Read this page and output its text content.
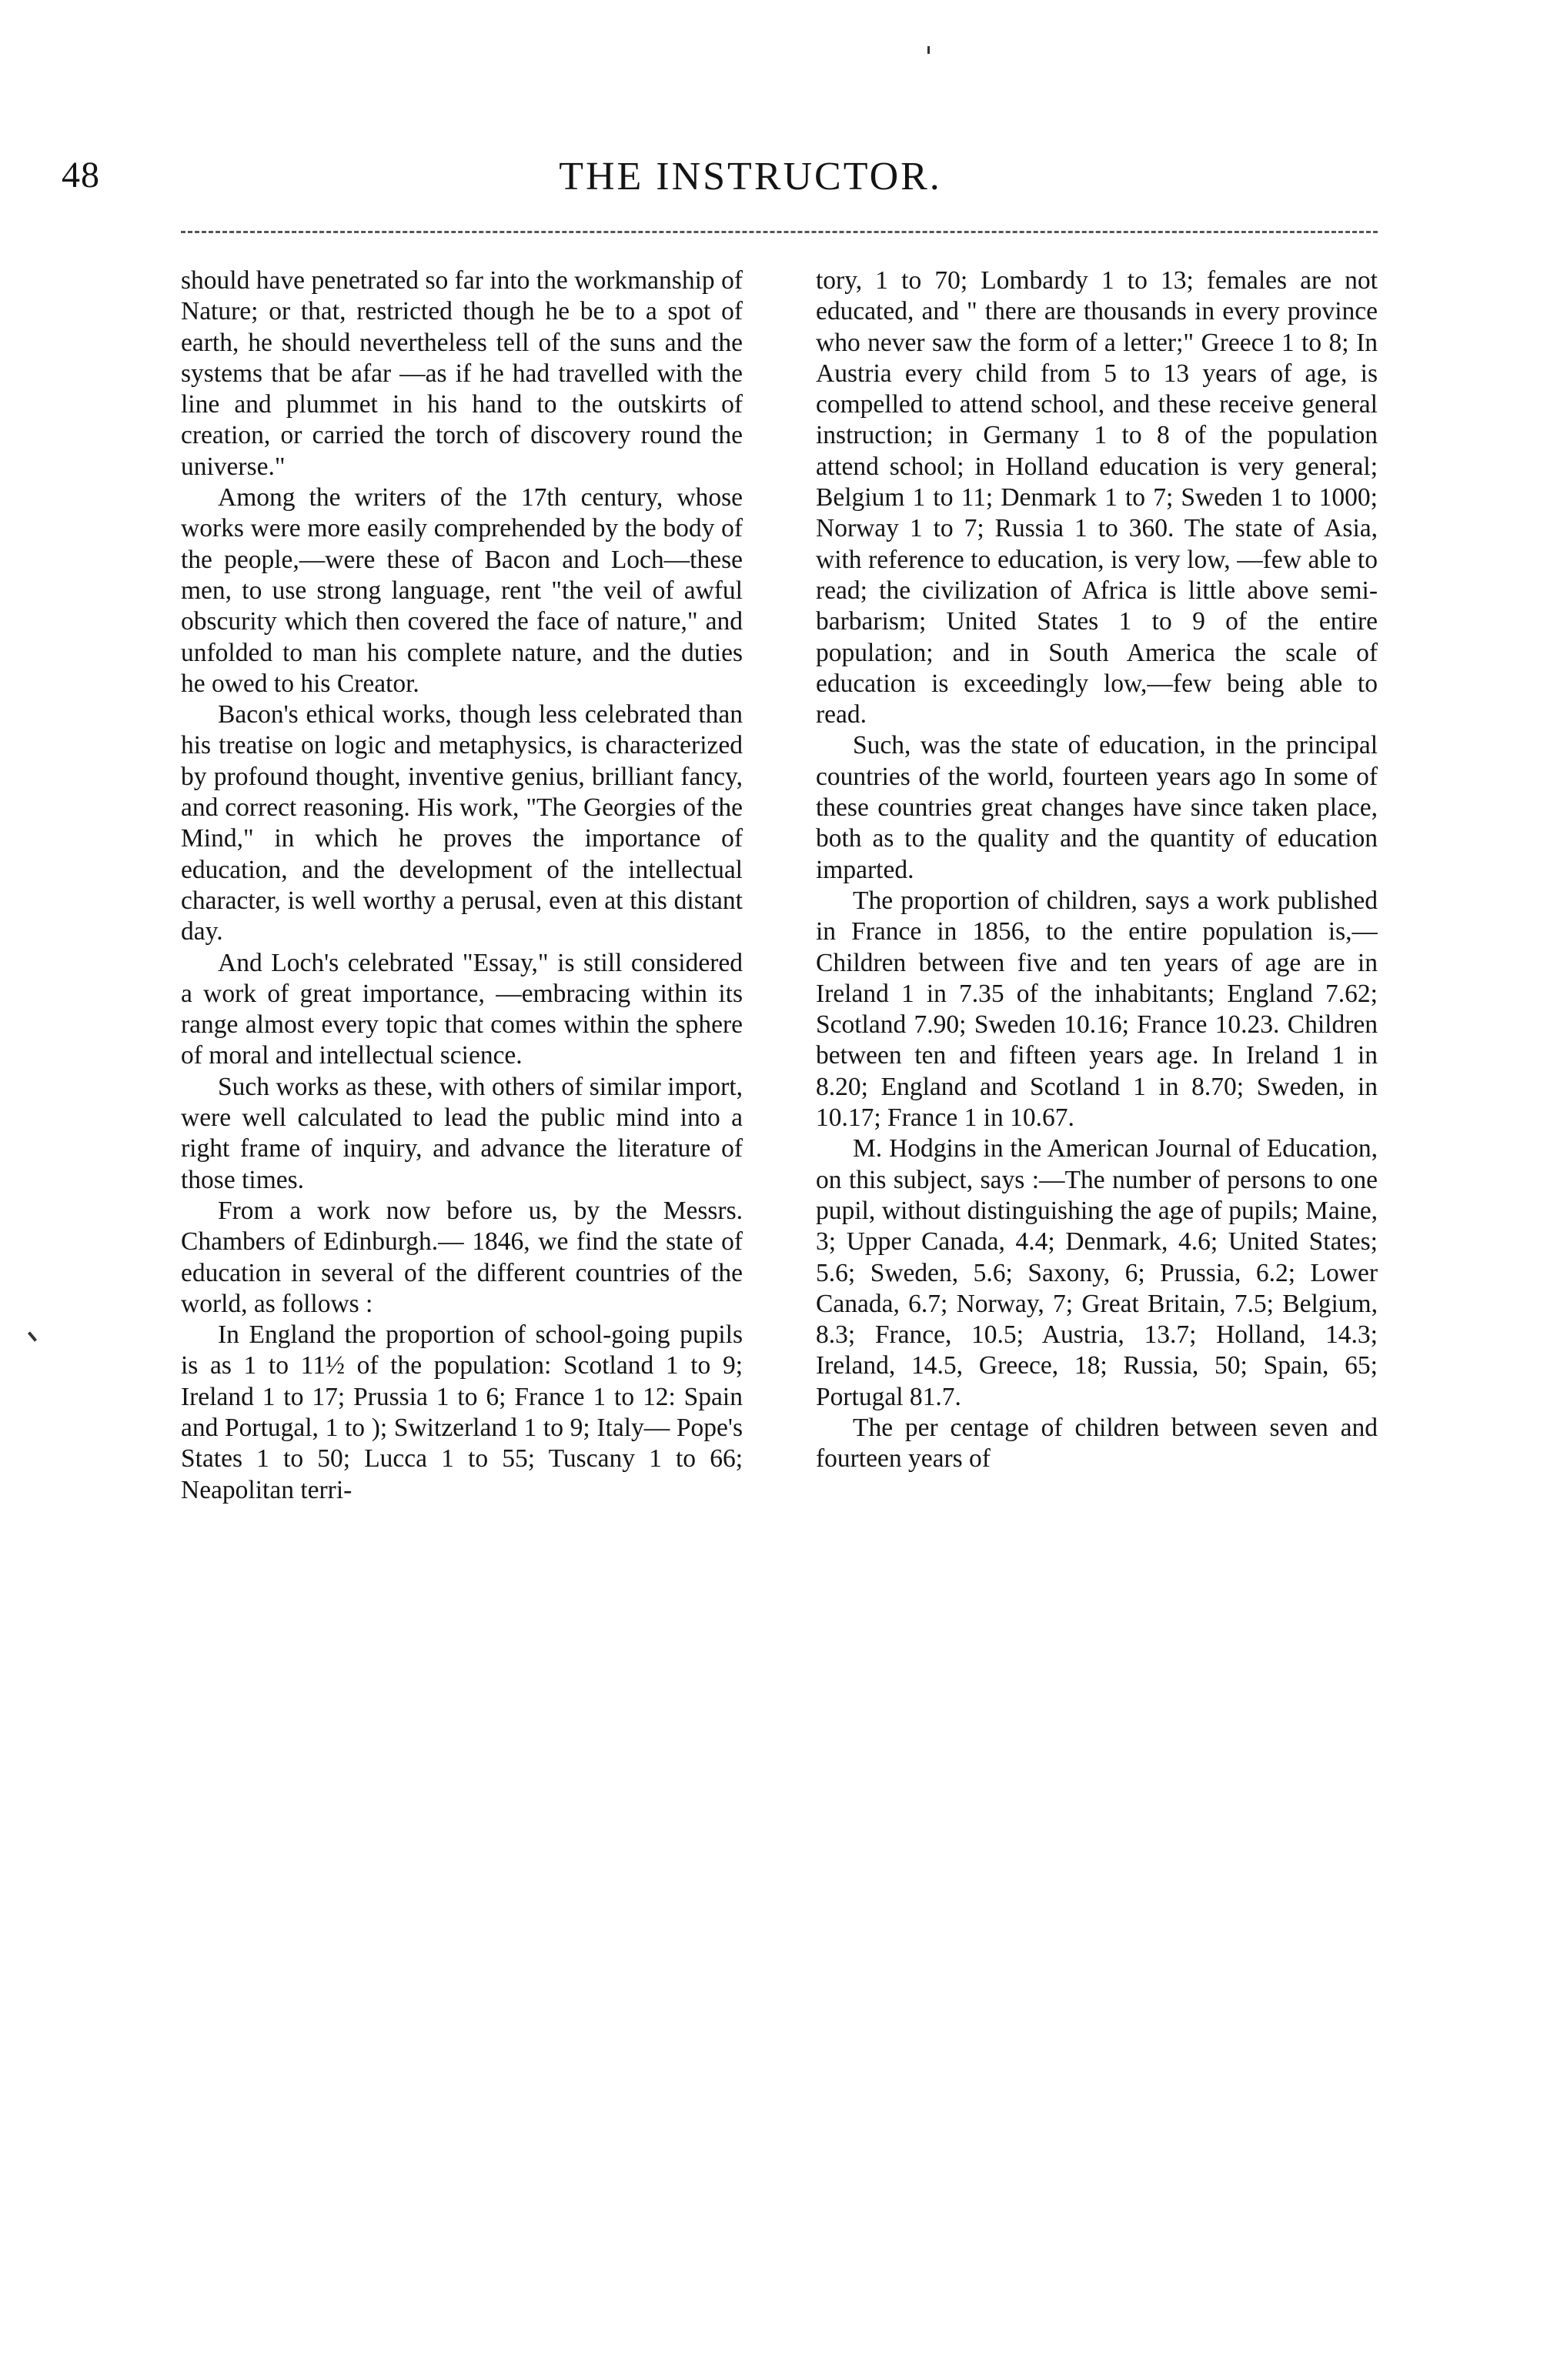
48	THE INSTRUCTOR.

should have penetrated so far into the workmanship of Nature; or that, restricted though he be to a spot of earth, he should nevertheless tell of the suns and the systems that be afar —as if he had travelled with the line and plummet in his hand to the outskirts of creation, or carried the torch of discovery round the universe."

Among the writers of the 17th century, whose works were more easily comprehended by the body of the people,—were these of Bacon and Loch—these men, to use strong language, rent "the veil of awful obscurity which then covered the face of nature," and unfolded to man his complete nature, and the duties he owed to his Creator.

Bacon's ethical works, though less celebrated than his treatise on logic and metaphysics, is characterized by profound thought, inventive genius, brilliant fancy, and correct reasoning. His work, "The Georgies of the Mind," in which he proves the importance of education, and the development of the intellectual character, is well worthy a perusal, even at this distant day.

And Loch's celebrated "Essay," is still considered a work of great importance, —embracing within its range almost every topic that comes within the sphere of moral and intellectual science.

Such works as these, with others of similar import, were well calculated to lead the public mind into a right frame of inquiry, and advance the literature of those times.

From a work now before us, by the Messrs. Chambers of Edinburgh.— 1846, we find the state of education in several of the different countries of the world, as follows :

In England the proportion of school-going pupils is as 1 to 11½ of the population: Scotland 1 to 9; Ireland 1 to 17; Prussia 1 to 6; France 1 to 12: Spain and Portugal, 1 to ); Switzerland 1 to 9; Italy— Pope's States 1 to 50; Lucca 1 to 55; Tuscany 1 to 66; Neapolitan terri-

tory, 1 to 70; Lombardy 1 to 13; females are not educated, and " there are thousands in every province who never saw the form of a letter;" Greece 1 to 8; In Austria every child from 5 to 13 years of age, is compelled to attend school, and these receive general instruction; in Germany 1 to 8 of the population attend school; in Holland education is very general; Belgium 1 to 11; Denmark 1 to 7; Sweden 1 to 1000; Norway 1 to 7; Russia 1 to 360. The state of Asia, with reference to education, is very low, —few able to read; the civilization of Africa is little above semi-barbarism; United States 1 to 9 of the entire population; and in South America the scale of education is exceedingly low,—few being able to read.

Such, was the state of education, in the principal countries of the world, fourteen years ago In some of these countries great changes have since taken place, both as to the quality and the quantity of education imparted.

The proportion of children, says a work published in France in 1856, to the entire population is,—Children between five and ten years of age are in Ireland 1 in 7.35 of the inhabitants; England 7.62; Scotland 7.90; Sweden 10.16; France 10.23. Children between ten and fifteen years age. In Ireland 1 in 8.20; England and Scotland 1 in 8.70; Sweden, in 10.17; France 1 in 10.67.

M. Hodgins in the American Journal of Education, on this subject, says :—The number of persons to one pupil, without distinguishing the age of pupils; Maine, 3; Upper Canada, 4.4; Denmark, 4.6; United States; 5.6; Sweden, 5.6; Saxony, 6; Prussia, 6.2; Lower Canada, 6.7; Norway, 7; Great Britain, 7.5; Belgium, 8.3; France, 10.5; Austria, 13.7; Holland, 14.3; Ireland, 14.5, Greece, 18; Russia, 50; Spain, 65; Portugal 81.7.

The per centage of children between seven and fourteen years of
